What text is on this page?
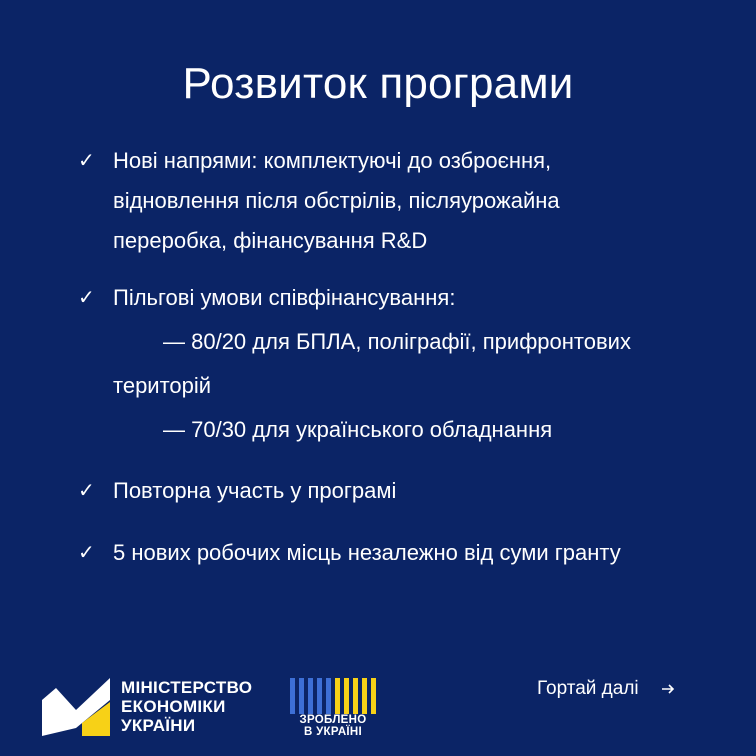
Розвиток програми
✓ Нові напрями: комплектуючі до озброєння,
відновлення після обстрілів, післяурожайна
переробка, фінансування R&D
✓ Пільгові умови співфінансування:
— 80/20 для БПЛА, поліграфії, прифронтових
територій
— 70/30 для українського обладнання
✓ Повторна участь у програмі
✓ 5 нових робочих місць незалежно від суми гранту
МІНІСТЕРСТВО
ЕКОНОМІКИ
УКРАЇНИ	ЗРОБЛЕНО
В УКРАЇНІ
Гортай далі
